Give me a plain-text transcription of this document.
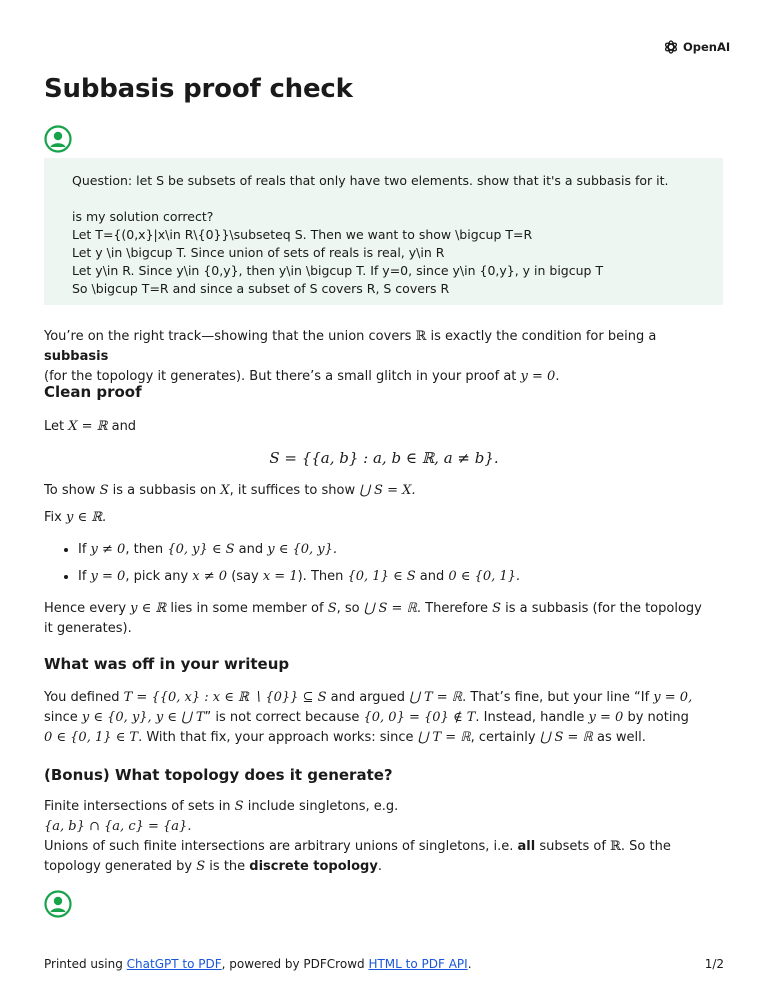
OpenAI
Subbasis proof check

Question: let S be subsets of reals that only have two elements. show that it's a subbasis for it.

is my solution correct?

Let T={(0,x}|x\in R\{0}}\subseteq S. Then we want to show \bigcup T=R

Let y \in \bigcup T. Since union of sets of reals is real, y\in R

Let y\in R. Since y\in {0,y}, then y\in \bigcup T. If y=0, since y\in {0,y}, y in bigcup T

So \bigcup T=R and since a subset of S covers R, S covers R

You’re on the right track—showing that the union covers ℝ is exactly the condition for being a subbasis
(for the topology it generates). But there’s a small glitch in your proof at y = 0.

Clean proof

Let X = ℝ and

S = {{a, b} : a, b ∈ ℝ, a ≠ b}.

To show S is a subbasis on X, it suffices to show ⋃ S = X.

Fix y ∈ ℝ.

• If y ≠ 0, then {0, y} ∈ S and y ∈ {0, y}.
• If y = 0, pick any x ≠ 0 (say x = 1). Then {0, 1} ∈ S and 0 ∈ {0, 1}.

Hence every y ∈ ℝ lies in some member of S, so ⋃ S = ℝ. Therefore S is a subbasis (for the topology
it generates).

What was off in your writeup

You defined T = {{0, x} : x ∈ ℝ ∖ {0}} ⊆ S and argued ⋃ T = ℝ. That’s fine, but your line “If y = 0,
since y ∈ {0, y}, y ∈ ⋃ T” is not correct because {0, 0} = {0} ∉ T. Instead, handle y = 0 by noting
0 ∈ {0, 1} ∈ T. With that fix, your approach works: since ⋃ T = ℝ, certainly ⋃ S = ℝ as well.

(Bonus) What topology does it generate?

Finite intersections of sets in S include singletons, e.g.
{a, b} ∩ {a, c} = {a}.
Unions of such finite intersections are arbitrary unions of singletons, i.e. all subsets of ℝ. So the
topology generated by S is the discrete topology.

Printed using ChatGPT to PDF, powered by PDFCrowd HTML to PDF API.	1/2
